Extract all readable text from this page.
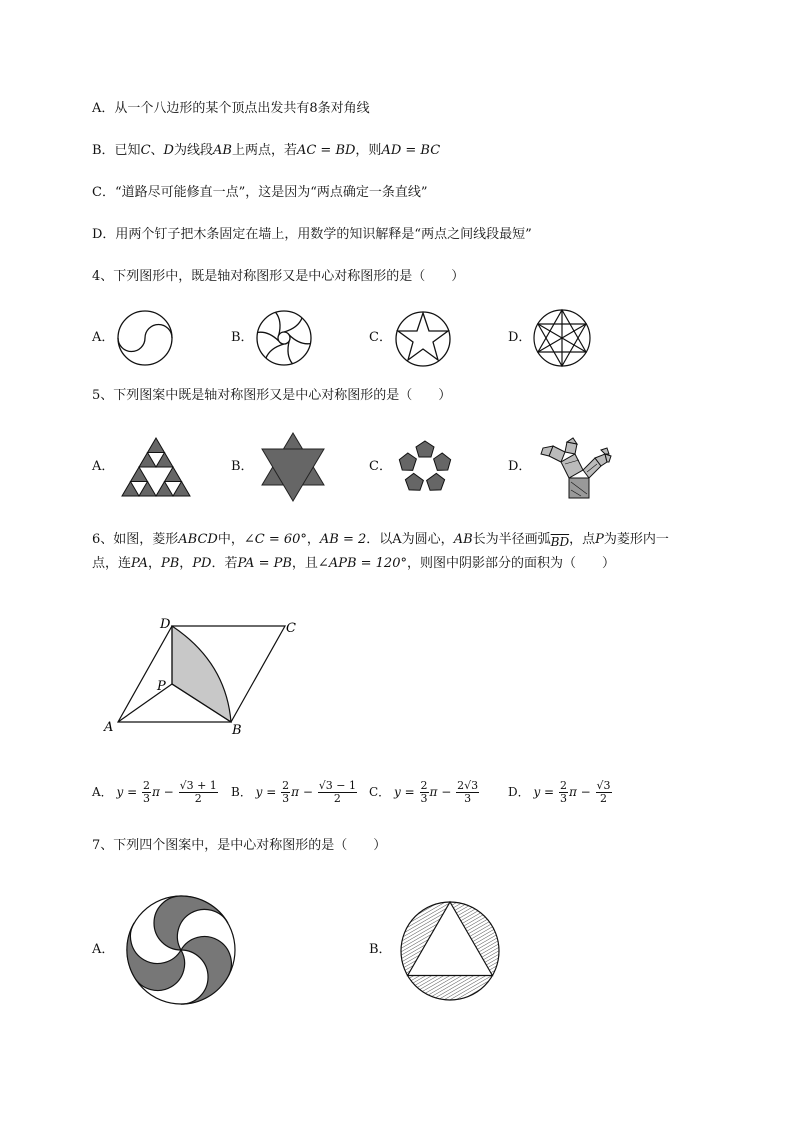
A．从一个八边形的某个顶点出发共有8条对角线
B．已知C、D为线段AB上两点，若AC = BD，则AD = BC
C．“道路尽可能修直一点”，这是因为“两点确定一条直线”
D．用两个钉子把木条固定在墙上，用数学的知识解释是“两点之间线段最短”
4、下列图形中，既是轴对称图形又是中心对称图形的是（　　）
A．	B．	C．	D．
5、下列图案中既是轴对称图形又是中心对称图形的是（　　）
A．	B．	C．	D．
6、如图，菱形ABCD中，∠C = 60°，AB = 2．以A为圆心，AB长为半径画弧$\overline{BD}$，点P为菱形内一
点，连PA，PB，PD．若PA = PB，且∠APB = 120°，则图中阴影部分的面积为（　　）
D	C
P
A	B
A． $y = \frac{2}{3}$ $\pi - \frac{√3 + 1}{2}$ B． $y = \frac{2}{3}$ $\pi - \frac{√3 - 1}{2}$ C． $y = \frac{2}{3}$ $\pi - \frac{2√3}{3}$ D． $y = \frac{2}{3}$ $\pi - \frac{√3}{2}$
7、下列四个图案中，是中心对称图形的是（　　）
A．	B．
